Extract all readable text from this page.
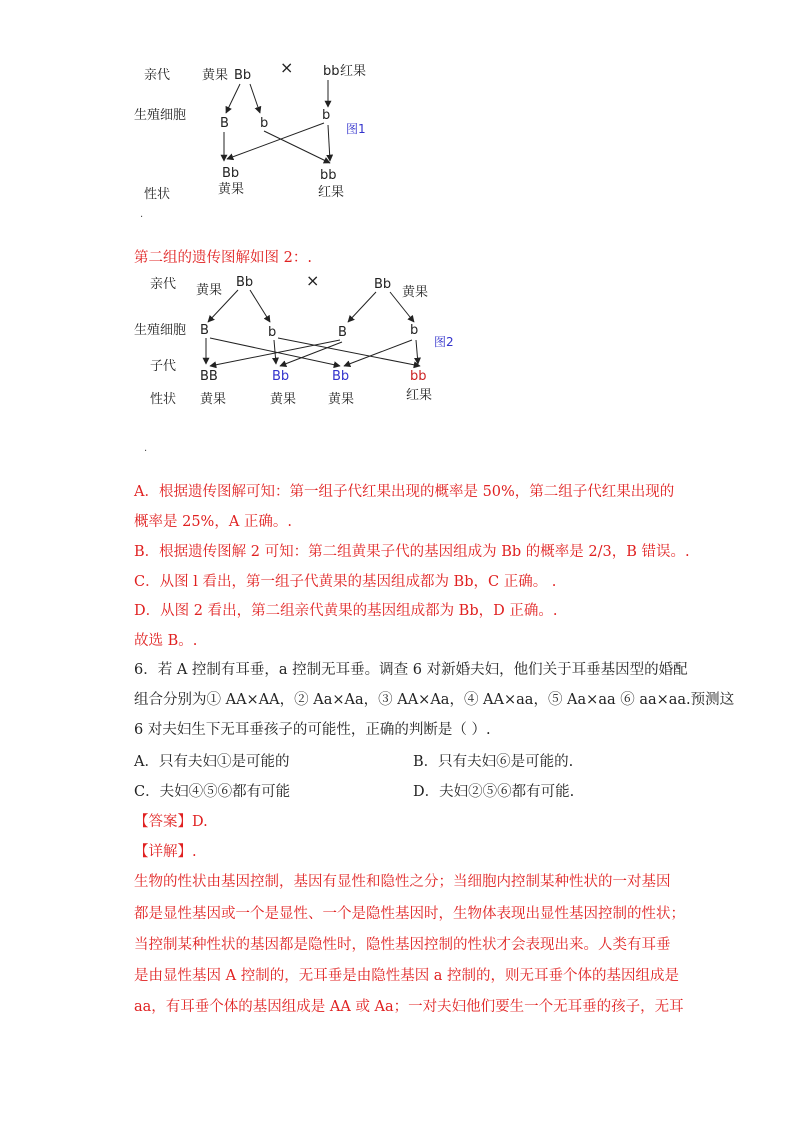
亲代
生殖细胞
性状
黄果 Bb × bb 红果
B b
b
图1
Bb
黄果
bb
红果
.
第二组的遗传图解如图 2：.
亲代
生殖细胞
子代
性状
黄果
Bb	×	Bb
黄果
B	b	B	b
图2
BB	Bb	Bb	bb
黄果	黄果 黄果	红果
.
A．根据遗传图解可知：第一组子代红果出现的概率是 50%，第二组子代红果出现的
概率是 25%，A 正确。.
B．根据遗传图解 2 可知：第二组黄果子代的基因组成为 Bb 的概率是 2/3，B 错误。.
C．从图 l 看出，第一组子代黄果的基因组成都为 Bb，C 正确。 .
D．从图 2 看出，第二组亲代黄果的基因组成都为 Bb，D 正确。.
故选 B。.
6．若 A 控制有耳垂，a 控制无耳垂。调查 6 对新婚夫妇，他们关于耳垂基因型的婚配
组合分别为① AA×AA，② Aa×Aa，③ AA×Aa，④ AA×aa，⑤ Aa×aa ⑥ aa×aa.预测这
6 对夫妇生下无耳垂孩子的可能性，正确的判断是（ ）.
A．只有夫妇①是可能的	B．只有夫妇⑥是可能的.
C．夫妇④⑤⑥都有可能	D．夫妇②⑤⑥都有可能.
【答案】D.
【详解】.
生物的性状由基因控制，基因有显性和隐性之分；当细胞内控制某种性状的一对基因
都是显性基因或一个是显性、一个是隐性基因时，生物体表现出显性基因控制的性状；
当控制某种性状的基因都是隐性时，隐性基因控制的性状才会表现出来。人类有耳垂
是由显性基因 A 控制的，无耳垂是由隐性基因 a 控制的，则无耳垂个体的基因组成是
aa，有耳垂个体的基因组成是 AA 或 Aa；一对夫妇他们要生一个无耳垂的孩子，无耳
